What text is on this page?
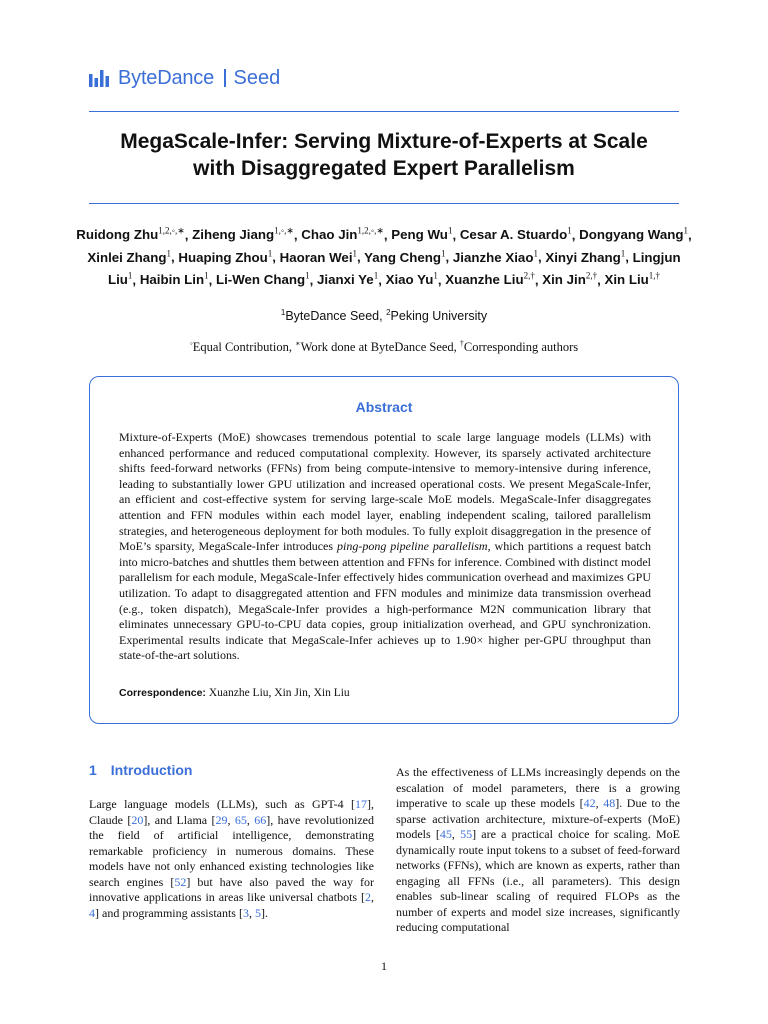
ByteDance Seed
MegaScale-Infer: Serving Mixture-of-Experts at Scale
with Disaggregated Expert Parallelism
Ruidong Zhu$^{1,2,◦,∗}$, Ziheng Jiang$^{1,◦,∗}$, Chao Jin$^{1,2,◦,∗}$, Peng Wu$^1$, Cesar A. Stuardo$^1$, Dongyang Wang$^1$, Xinlei Zhang$^1$, Huaping Zhou$^1$, Haoran Wei$^1$, Yang Cheng$^1$, Jianzhe Xiao$^1$, Xinyi Zhang$^1$, Lingjun Liu$^1$, Haibin Lin$^1$, Li-Wen Chang$^1$, Jianxi Ye$^1$, Xiao Yu$^1$, Xuanzhe Liu$^{2,\dagger}$, Xin Jin$^{2,\dagger}$, Xin Liu$^{1,\dagger}$
$^1$ByteDance Seed, $^2$Peking University
◦Equal Contribution, ∗Work done at ByteDance Seed, †Corresponding authors
Abstract
Mixture-of-Experts (MoE) showcases tremendous potential to scale large language models (LLMs) with enhanced performance and reduced computational complexity. However, its sparsely activated architecture shifts feed-forward networks (FFNs) from being compute-intensive to memory-intensive during inference, leading to substantially lower GPU utilization and increased operational costs. We present MegaScale-Infer, an efficient and cost-effective system for serving large-scale MoE models. MegaScale-Infer disaggregates attention and FFN modules within each model layer, enabling independent scaling, tailored parallelism strategies, and heterogeneous deployment for both modules. To fully exploit disaggregation in the presence of MoE’s sparsity, MegaScale-Infer introduces ping-pong pipeline parallelism, which partitions a request batch into micro-batches and shuttles them between attention and FFNs for inference. Combined with distinct model parallelism for each module, MegaScale-Infer effectively hides communication overhead and maximizes GPU utilization. To adapt to disaggregated attention and FFN modules and minimize data transmission overhead (e.g., token dispatch), MegaScale-Infer provides a high-performance M2N communication library that eliminates unnecessary GPU-to-CPU data copies, group initialization overhead, and GPU synchronization. Experimental results indicate that MegaScale-Infer achieves up to 1.90× higher per-GPU throughput than state-of-the-art solutions.
Correspondence: Xuanzhe Liu, Xin Jin, Xin Liu
1 Introduction
Large language models (LLMs), such as GPT-4 [17], Claude [20], and Llama [29, 65, 66], have revolutionized the field of artificial intelligence, demonstrating remarkable proficiency in numerous domains. These models have not only enhanced existing technologies like search engines [52] but have also paved the way for innovative applications in areas like universal chatbots [2, 4] and programming assistants [3, 5].
As the effectiveness of LLMs increasingly depends on the escalation of model parameters, there is a growing imperative to scale up these models [42, 48]. Due to the sparse activation architecture, mixture-of-experts (MoE) models [45, 55] are a practical choice for scaling. MoE dynamically route input tokens to a subset of feed-forward networks (FFNs), which are known as experts, rather than engaging all FFNs (i.e., all parameters). This design enables sub-linear scaling of required FLOPs as the number of experts and model size increases, significantly reducing computational
1
